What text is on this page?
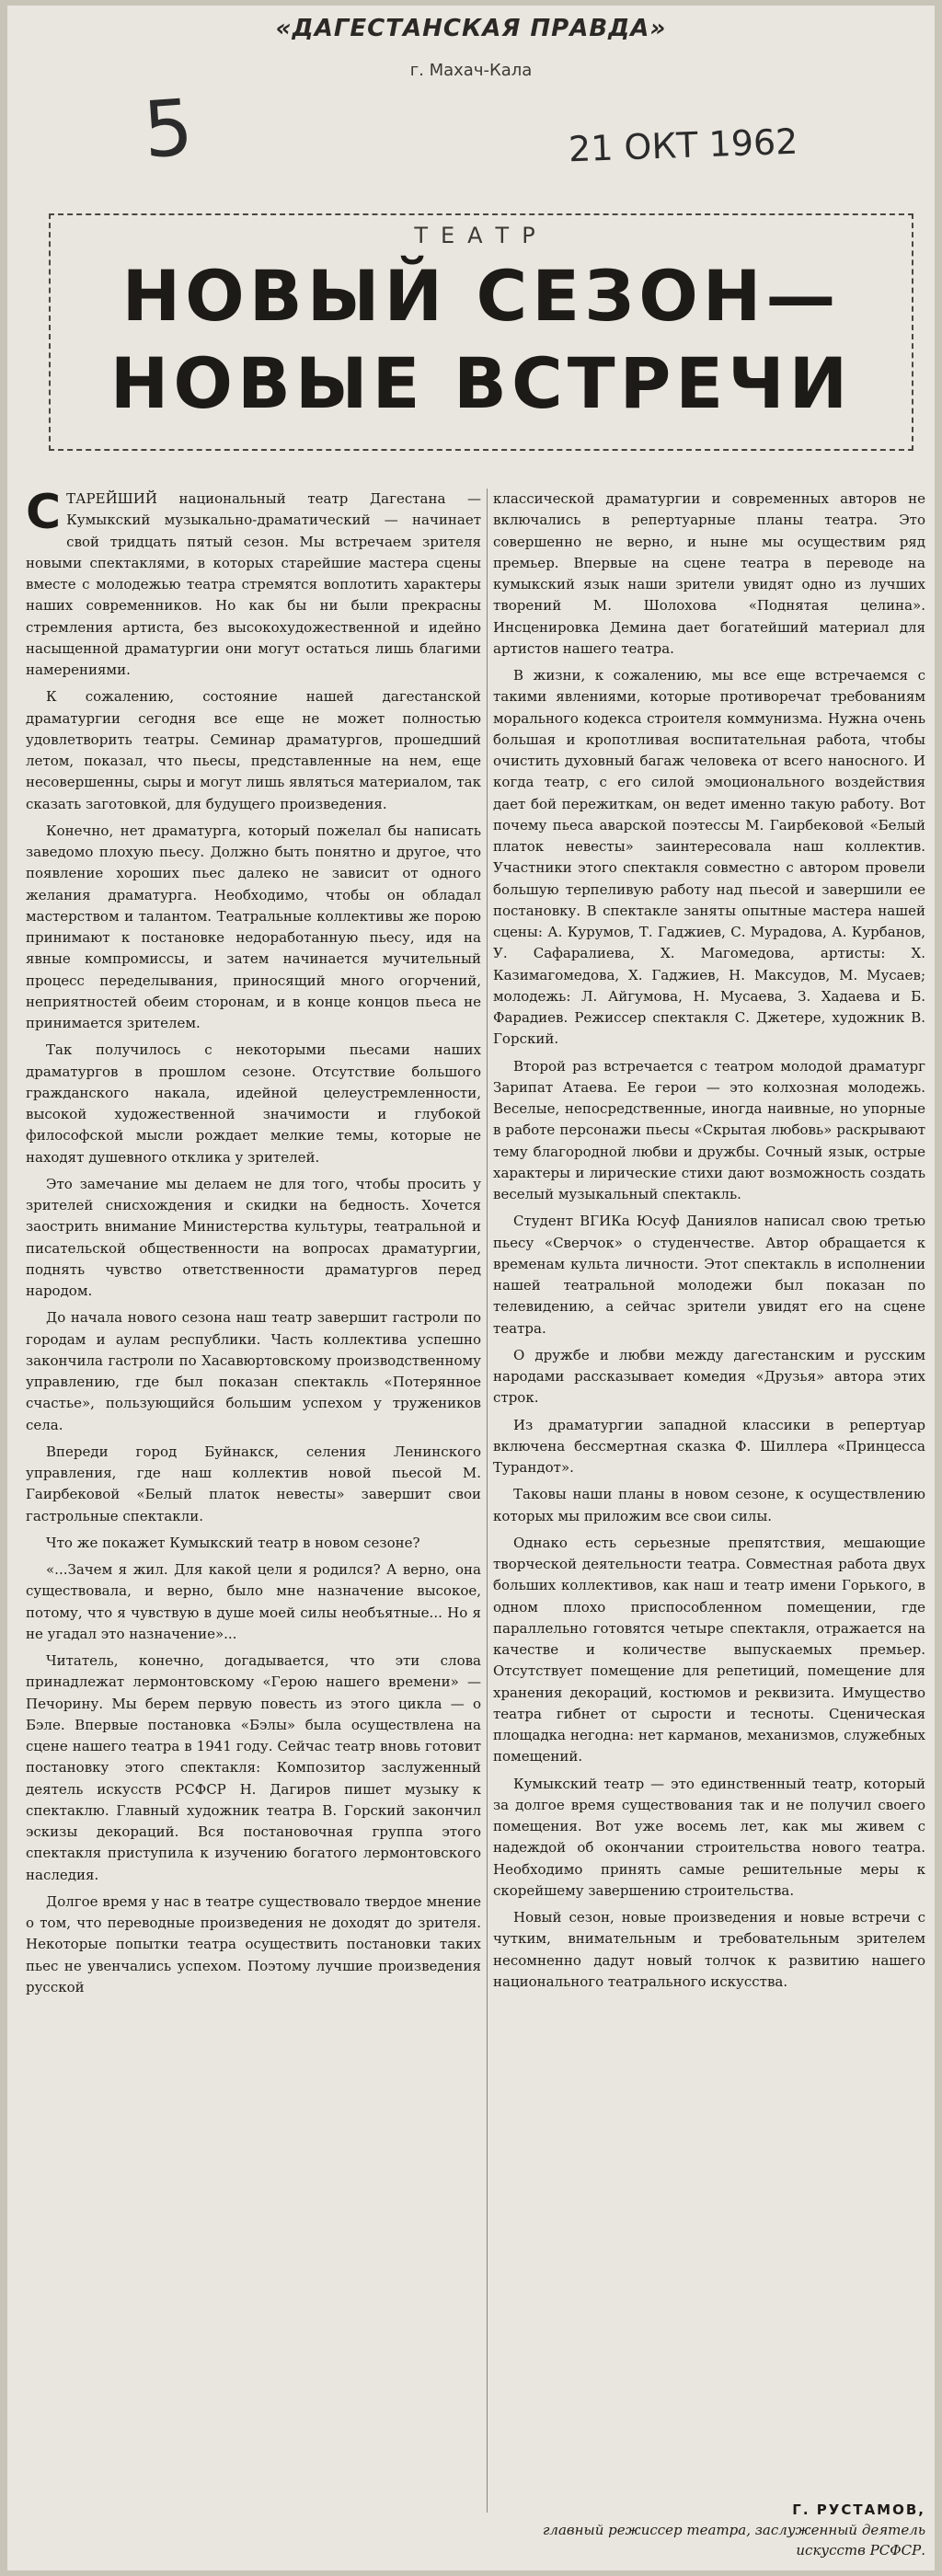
«ДАГЕСТАНСКАЯ ПРАВДА»
г. Махач-Кала
5	21 ОКТ 1962
ТЕАТР
НОВЫЙ СЕЗОН—
НОВЫЕ ВСТРЕЧИ

СТАРЕЙШИЙ национальный театр Дагестана — Кумыкский музыкально-драматический — начинает свой тридцать пятый сезон. Мы встречаем зрителя новыми спектаклями, в которых старейшие мастера сцены вместе с молодежью театра стремятся воплотить характеры наших современников. Но как бы ни были прекрасны стремления артиста, без высокохудожественной и идейно насыщенной драматургии они могут остаться лишь благими намерениями.

К сожалению, состояние нашей дагестанской драматургии сегодня все еще не может полностью удовлетворить театры. Семинар драматургов, прошедший летом, показал, что пьесы, представленные на нем, еще несовершенны, сыры и могут лишь являться материалом, так сказать заготовкой, для будущего произведения.

Конечно, нет драматурга, который пожелал бы написать заведомо плохую пьесу. Должно быть понятно и другое, что появление хороших пьес далеко не зависит от одного желания драматурга. Необходимо, чтобы он обладал мастерством и талантом. Театральные коллективы же порою принимают к постановке недоработанную пьесу, идя на явные компромиссы, и затем начинается мучительный процесс переделывания, приносящий много огорчений, неприятностей обеим сторонам, и в конце концов пьеса не принимается зрителем.

Так получилось с некоторыми пьесами наших драматургов в прошлом сезоне. Отсутствие большого гражданского накала, идейной целеустремленности, высокой художественной значимости и глубокой философской мысли рождает мелкие темы, которые не находят душевного отклика у зрителей.

Это замечание мы делаем не для того, чтобы просить у зрителей снисхождения и скидки на бедность. Хочется заострить внимание Министерства культуры, театральной и писательской общественности на вопросах драматургии, поднять чувство ответственности драматургов перед народом.

До начала нового сезона наш театр завершит гастроли по городам и аулам республики. Часть коллектива успешно закончила гастроли по Хасавюртовскому производственному управлению, где был показан спектакль «Потерянное счастье», пользующийся большим успехом у тружеников села.

Впереди город Буйнакск, селения Ленинского управления, где наш коллектив новой пьесой М. Гаирбековой «Белый платок невесты» завершит свои гастрольные спектакли.

Что же покажет Кумыкский театр в новом сезоне?

«...Зачем я жил. Для какой цели я родился? А верно, она существовала, и верно, было мне назначение высокое, потому, что я чувствую в душе моей силы необъятные... Но я не угадал это назначение»...

Читатель, конечно, догадывается, что эти слова принадлежат лермонтовскому «Герою нашего времени» — Печорину. Мы берем первую повесть из этого цикла — о Бэле. Впервые постановка «Бэлы» была осуществлена на сцене нашего театра в 1941 году. Сейчас театр вновь готовит постановку этого спектакля: Композитор заслуженный деятель искусств РСФСР Н. Дагиров пишет музыку к спектаклю. Главный художник театра В. Горский закончил эскизы декораций. Вся постановочная группа этого спектакля приступила к изучению богатого лермонтовского наследия.

Долгое время у нас в театре существовало твердое мнение о том, что переводные произведения не доходят до зрителя. Некоторые попытки театра осуществить постановки таких пьес не увенчались успехом. Поэтому лучшие произведения русской

классической драматургии и современных авторов не включались в репертуарные планы театра. Это совершенно не верно, и ныне мы осуществим ряд премьер. Впервые на сцене театра в переводе на кумыкский язык наши зрители увидят одно из лучших творений М. Шолохова «Поднятая целина». Инсценировка Демина дает богатейший материал для артистов нашего театра.

В жизни, к сожалению, мы все еще встречаемся с такими явлениями, которые противоречат требованиям морального кодекса строителя коммунизма. Нужна очень большая и кропотливая воспитательная работа, чтобы очистить духовный багаж человека от всего наносного. И когда театр, с его силой эмоционального воздействия дает бой пережиткам, он ведет именно такую работу. Вот почему пьеса аварской поэтессы М. Гаирбековой «Белый платок невесты» заинтересовала наш коллектив. Участники этого спектакля совместно с автором провели большую терпеливую работу над пьесой и завершили ее постановку. В спектакле заняты опытные мастера нашей сцены: А. Курумов, Т. Гаджиев, С. Мурадова, А. Курбанов, У. Сафаралиева, Х. Магомедова, артисты: Х. Казимагомедова, Х. Гаджиев, Н. Максудов, М. Мусаев; молодежь: Л. Айгумова, Н. Мусаева, З. Хадаева и Б. Фарадиев. Режиссер спектакля С. Джетере, художник В. Горский.

Второй раз встречается с театром молодой драматург Зарипат Атаева. Ее герои — это колхозная молодежь. Веселые, непосредственные, иногда наивные, но упорные в работе персонажи пьесы «Скрытая любовь» раскрывают тему благородной любви и дружбы. Сочный язык, острые характеры и лирические стихи дают возможность создать веселый музыкальный спектакль.

Студент ВГИКа Юсуф Даниялов написал свою третью пьесу «Сверчок» о студенчестве. Автор обращается к временам культа личности. Этот спектакль в исполнении нашей театральной молодежи был показан по телевидению, а сейчас зрители увидят его на сцене театра.

О дружбе и любви между дагестанским и русским народами рассказывает комедия «Друзья» автора этих строк.

Из драматургии западной классики в репертуар включена бессмертная сказка Ф. Шиллера «Принцесса Турандот».

Таковы наши планы в новом сезоне, к осуществлению которых мы приложим все свои силы.

Однако есть серьезные препятствия, мешающие творческой деятельности театра. Совместная работа двух больших коллективов, как наш и театр имени Горького, в одном плохо приспособленном помещении, где параллельно готовятся четыре спектакля, отражается на качестве и количестве выпускаемых премьер. Отсутствует помещение для репетиций, помещение для хранения декораций, костюмов и реквизита. Имущество театра гибнет от сырости и тесноты. Сценическая площадка негодна: нет карманов, механизмов, служебных помещений.

Кумыкский театр — это единственный театр, который за долгое время существования так и не получил своего помещения. Вот уже восемь лет, как мы живем с надеждой об окончании строительства нового театра. Необходимо принять самые решительные меры к скорейшему завершению строительства.

Новый сезон, новые произведения и новые встречи с чутким, внимательным и требовательным зрителем несомненно дадут новый толчок к развитию нашего национального театрального искусства.

Г. РУСТАМОВ,
главный режиссер театра, заслуженный деятель искусств РСФСР.
